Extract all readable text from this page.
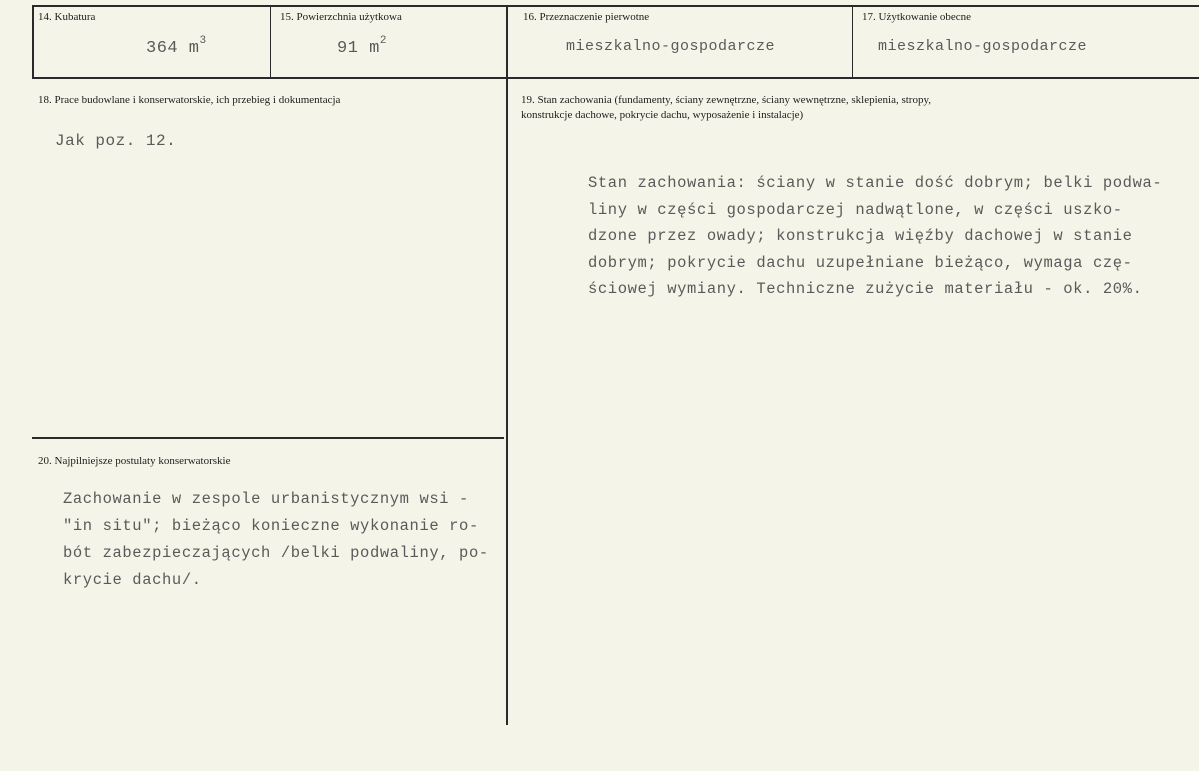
14. Kubatura
364 $m^3$
15. Powierzchnia użytkowa
91 $m^2$
16. Przeznaczenie pierwotne
mieszkalno-gospodarcze
17. Użytkowanie obecne
mieszkalno-gospodarcze
18. Prace budowlane i konserwatorskie, ich przebieg i dokumentacja
Jak poz. 12.
19. Stan zachowania (fundamenty, ściany zewnętrzne, ściany wewnętrzne, sklepienia, stropy,
konstrukcje dachowe, pokrycie dachu, wyposażenie i instalacje)
Stan zachowania: ściany w stanie dość dobrym; belki podwa-
liny w części gospodarczej nadwątlone, w części uszko-
dzone przez owady; konstrukcja więźby dachowej w stanie
dobrym; pokrycie dachu uzupełniane bieżąco, wymaga czę-
ściowej wymiany. Techniczne zużycie materiału - ok. 20%.
20. Najpilniejsze postulaty konserwatorskie
Zachowanie w zespole urbanistycznym wsi -
"in situ"; bieżąco konieczne wykonanie ro-
bót zabezpieczających /belki podwaliny, po-
krycie dachu/.
